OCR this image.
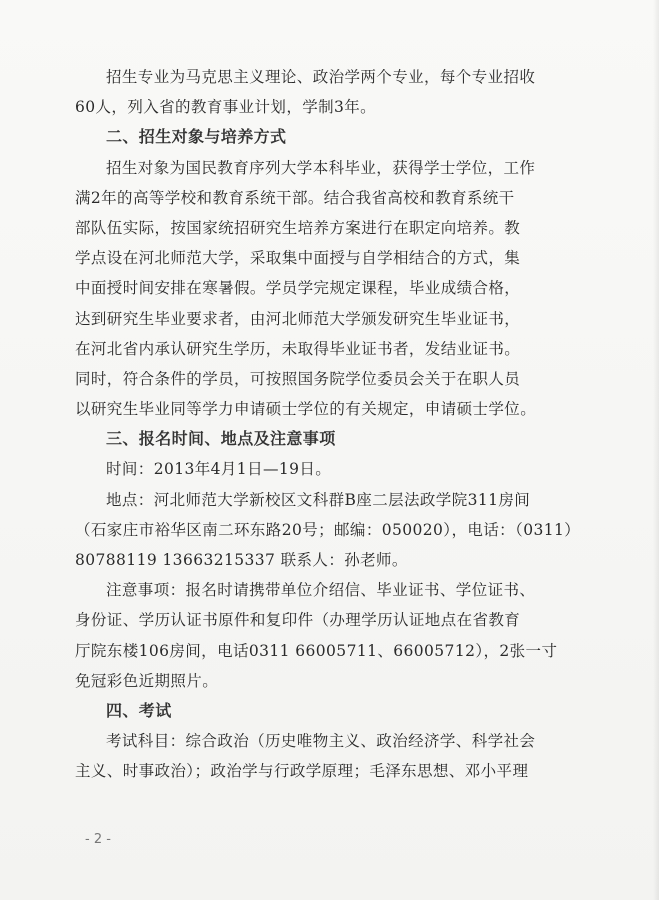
招生专业为马克思主义理论、政治学两个专业，每个专业招收
60人，列入省的教育事业计划，学制3年。
二、招生对象与培养方式
招生对象为国民教育序列大学本科毕业，获得学士学位，工作
满2年的高等学校和教育系统干部。结合我省高校和教育系统干
部队伍实际，按国家统招研究生培养方案进行在职定向培养。教
学点设在河北师范大学，采取集中面授与自学相结合的方式，集
中面授时间安排在寒暑假。学员学完规定课程，毕业成绩合格，
达到研究生毕业要求者，由河北师范大学颁发研究生毕业证书，
在河北省内承认研究生学历，未取得毕业证书者，发结业证书。
同时，符合条件的学员，可按照国务院学位委员会关于在职人员
以研究生毕业同等学力申请硕士学位的有关规定，申请硕士学位。
三、报名时间、地点及注意事项
时间：2013年4月1日—19日。
地点：河北师范大学新校区文科群B座二层法政学院311房间
（石家庄市裕华区南二环东路20号；邮编：050020），电话：（0311）
80788119 13663215337 联系人：孙老师。
注意事项：报名时请携带单位介绍信、毕业证书、学位证书、
身份证、学历认证书原件和复印件（办理学历认证地点在省教育
厅院东楼106房间，电话0311 66005711、66005712），2张一寸
免冠彩色近期照片。
四、考试
考试科目：综合政治（历史唯物主义、政治经济学、科学社会
主义、时事政治）；政治学与行政学原理；毛泽东思想、邓小平理
- 2 -
